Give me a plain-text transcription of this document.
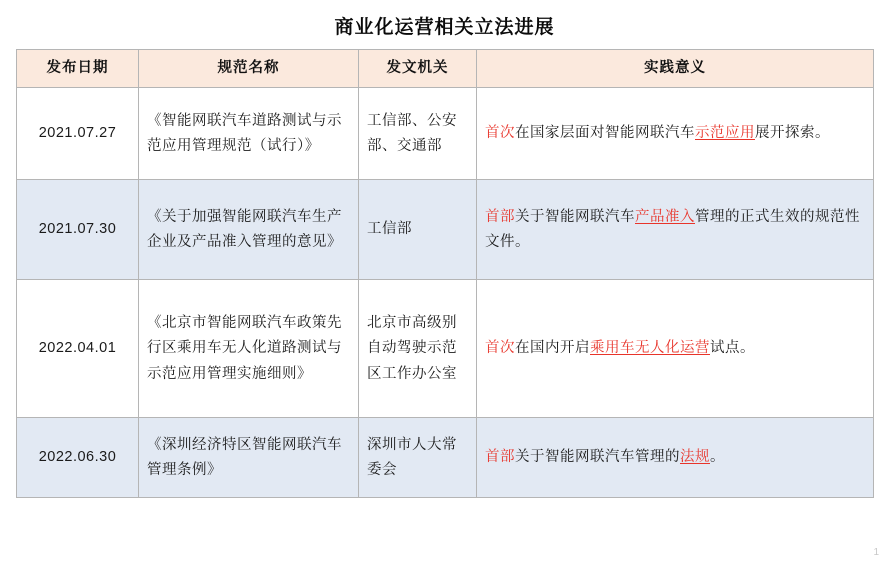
商业化运营相关立法进展
发布日期	规范名称	发文机关	实践意义
2021.07.27	《智能网联汽车道路测试与示范应用管理规范（试行）》	工信部、公安部、交通部	首次在国家层面对智能网联汽车示范应用展开探索。
2021.07.30	《关于加强智能网联汽车生产企业及产品准入管理的意见》	工信部	首部关于智能网联汽车产品准入管理的正式生效的规范性文件。
2022.04.01	《北京市智能网联汽车政策先行区乘用车无人化道路测试与示范应用管理实施细则》	北京市高级别自动驾驶示范区工作办公室	首次在国内开启乘用车无人化运营试点。
2022.06.30	《深圳经济特区智能网联汽车管理条例》	深圳市人大常委会	首部关于智能网联汽车管理的法规。
1
